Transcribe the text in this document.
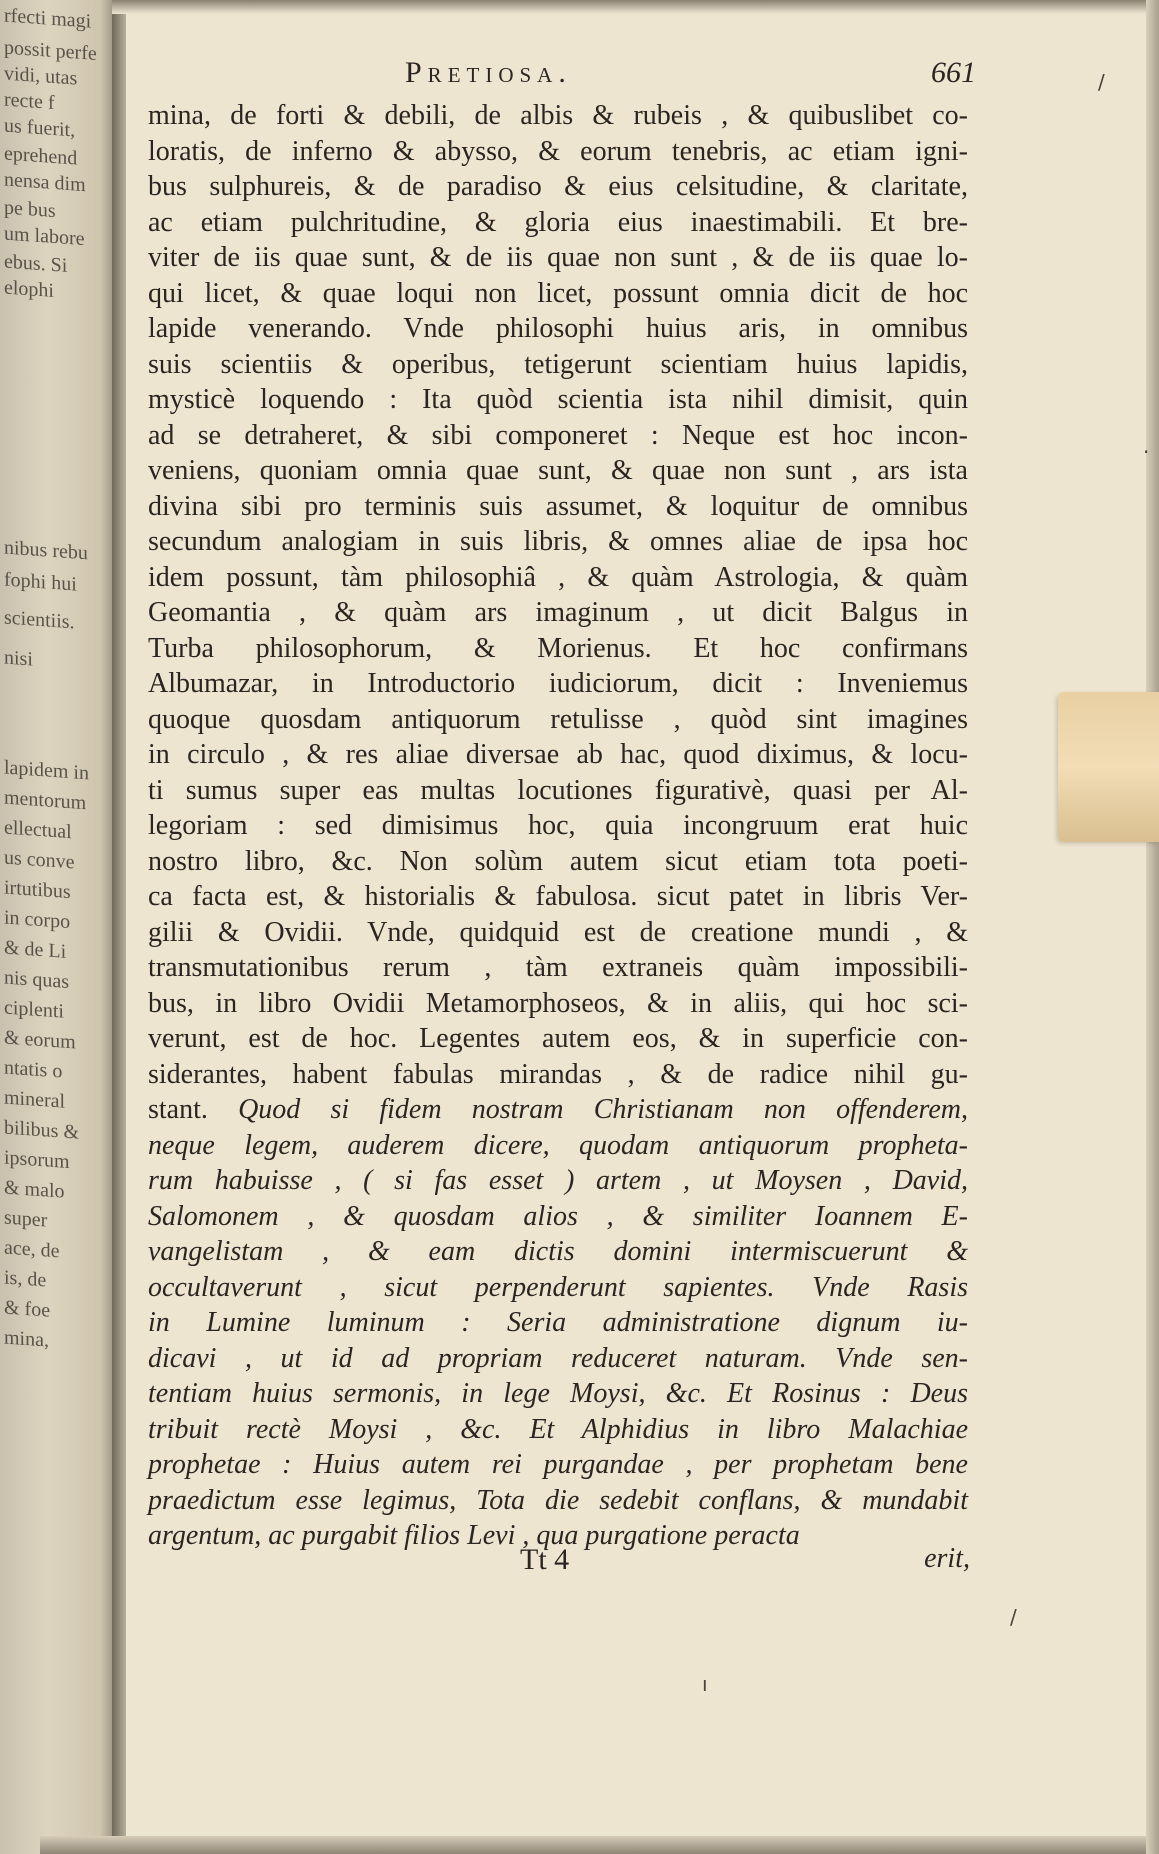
rfecti magi
possit perfe
vidi, utas
recte f
us fuerit,
eprehend
nensa dim
pe bus
um labore
ebus. Si
elophi
nibus rebu
fophi hui
scientiis.
nisi
lapidem in
mentorum
ellectual
us conve
irtutibus
in corpo
& de Li
nis quas
ciplenti
& eorum
ntatis o
mineral
bilibus &
ipsorum
& malo
super
ace, de
is, de
& foe
mina,
Pretiosa.	661
mina, de forti & debili, de albis & rubeis , & quibuslibet co-
loratis, de inferno & abysso, & eorum tenebris, ac etiam igni-
bus sulphureis, & de paradiso & eius celsitudine, & claritate,
ac etiam pulchritudine, & gloria eius inaestimabili. Et bre-
viter de iis quae sunt, & de iis quae non sunt , & de iis quae lo-
qui licet, & quae loqui non licet, possunt omnia dicit de hoc
lapide venerando. Vnde philosophi huius aris, in omnibus
suis scientiis & operibus, tetigerunt scientiam huius lapidis,
mysticè loquendo : Ita quòd scientia ista nihil dimisit, quin
ad se detraheret, & sibi componeret : Neque est hoc incon-
veniens, quoniam omnia quae sunt, & quae non sunt , ars ista
divina sibi pro terminis suis assumet, & loquitur de omnibus
secundum analogiam in suis libris, & omnes aliae de ipsa hoc
idem possunt, tàm philosophiâ , & quàm Astrologia, & quàm
Geomantia , & quàm ars imaginum , ut dicit Balgus in
Turba philosophorum, & Morienus. Et hoc confirmans
Albumazar, in Introductorio iudiciorum, dicit : Inveniemus
quoque quosdam antiquorum retulisse , quòd sint imagines
in circulo , & res aliae diversae ab hac, quod diximus, & locu-
ti sumus super eas multas locutiones figurativè, quasi per Al-
legoriam : sed dimisimus hoc, quia incongruum erat huic
nostro libro, &c. Non solùm autem sicut etiam tota poeti-
ca facta est, & historialis & fabulosa. sicut patet in libris Ver-
gilii & Ovidii. Vnde, quidquid est de creatione mundi , &
transmutationibus rerum , tàm extraneis quàm impossibili-
bus, in libro Ovidii Metamorphoseos, & in aliis, qui hoc sci-
verunt, est de hoc. Legentes autem eos, & in superficie con-
siderantes, habent fabulas mirandas , & de radice nihil gu-
stant. Quod si fidem nostram Christianam non offenderem,
neque legem, auderem dicere, quodam antiquorum propheta-
rum habuisse , ( si fas esset ) artem , ut Moysen , David,
Salomonem , & quosdam alios , & similiter Ioannem E-
vangelistam , & eam dictis domini intermiscuerunt &
occultaverunt , sicut perpenderunt sapientes. Vnde Rasis
in Lumine luminum : Seria administratione dignum iu-
dicavi , ut id ad propriam reduceret naturam. Vnde sen-
tentiam huius sermonis, in lege Moysi, &c. Et Rosinus : Deus
tribuit rectè Moysi , &c. Et Alphidius in libro Malachiae
prophetae : Huius autem rei purgandae , per prophetam bene
praedictum esse legimus, Tota die sedebit conflans, & mundabit
argentum, ac purgabit filios Levi , qua purgatione peracta
Tt 4	erit,
/
·
/
ı
